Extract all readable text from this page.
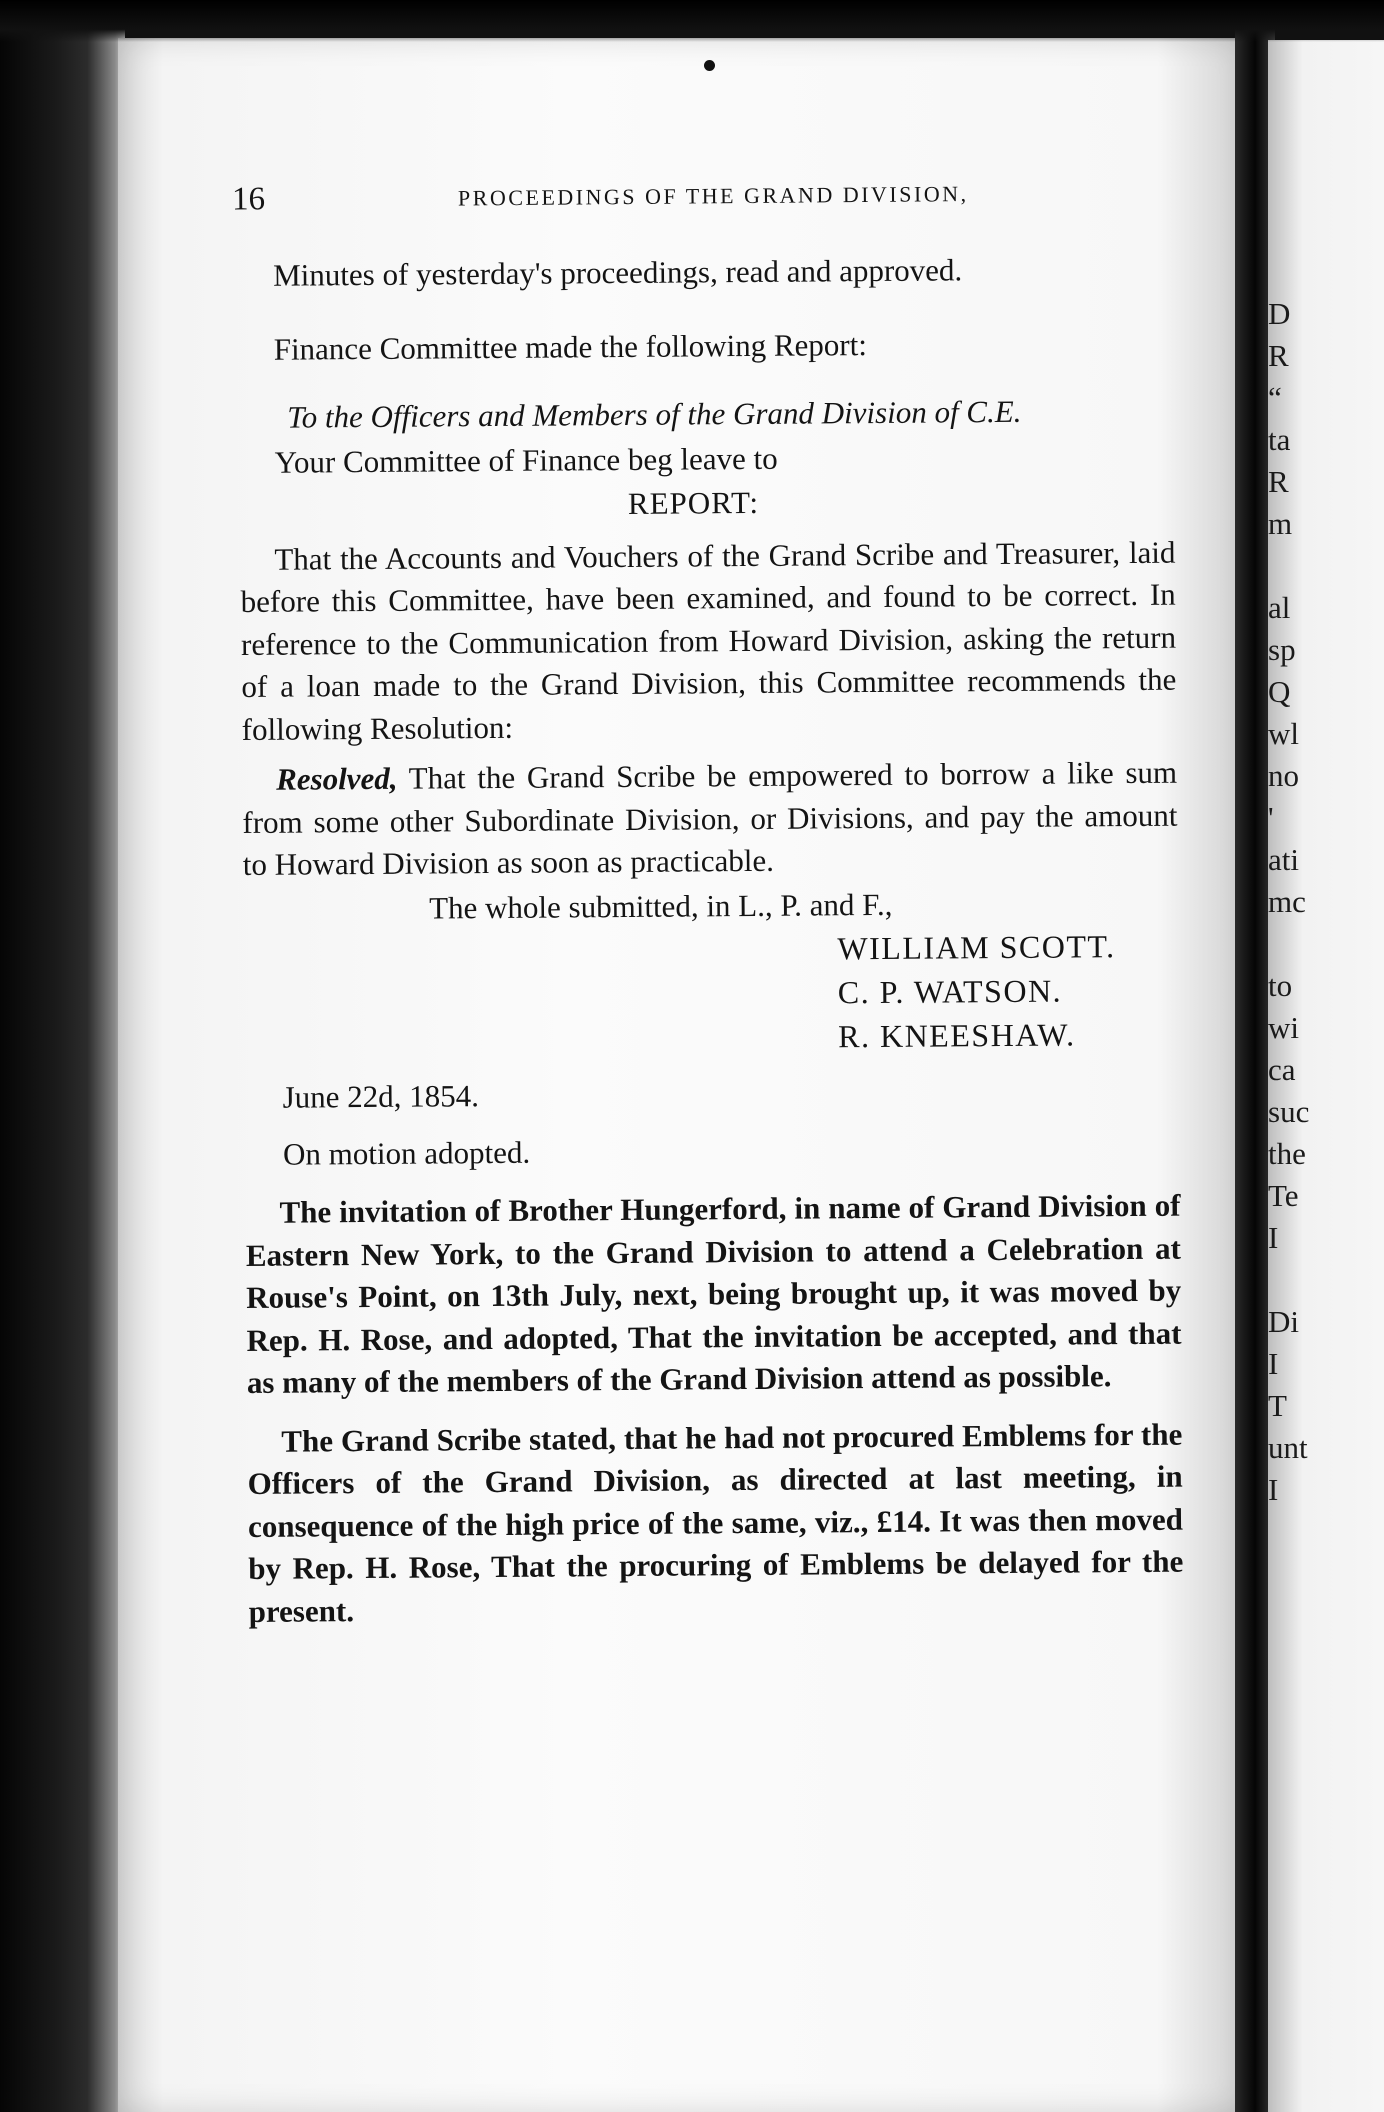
D
R
“
ta
R
m
al
sp
Q
wl
no
'
ati
mc
to
wi
ca
suc
the
Te
I
Di
I
T
unt
I
16	PROCEEDINGS OF THE GRAND DIVISION,

Minutes of yesterday's proceedings, read and approved.

Finance Committee made the following Report:

To the Officers and Members of the Grand Division of C.E.

Your Committee of Finance beg leave to

REPORT:

That the Accounts and Vouchers of the Grand Scribe and Treasurer, laid before this Committee, have been examined, and found to be correct. In reference to the Communication from Howard Division, asking the return of a loan made to the Grand Division, this Committee recommends the following Resolution:

Resolved, That the Grand Scribe be empowered to borrow a like sum from some other Subordinate Division, or Divisions, and pay the amount to Howard Division as soon as practicable.

The whole submitted, in L., P. and F.,

WILLIAM SCOTT.
C. P. WATSON.
R. KNEESHAW.

June 22d, 1854.

On motion adopted.

The invitation of Brother Hungerford, in name of Grand Division of Eastern New York, to the Grand Division to attend a Celebration at Rouse's Point, on 13th July, next, being brought up, it was moved by Rep. H. Rose, and adopted, That the invitation be accepted, and that as many of the members of the Grand Division attend as possible.

The Grand Scribe stated, that he had not procured Emblems for the Officers of the Grand Division, as directed at last meeting, in consequence of the high price of the same, viz., £14. It was then moved by Rep. H. Rose, That the procuring of Emblems be delayed for the present.
